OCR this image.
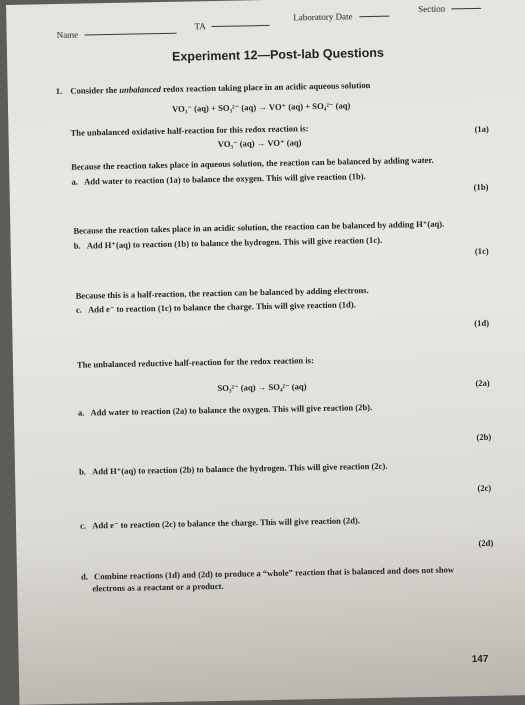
Name
TA
Laboratory Date
Section
Experiment 12—Post-lab Questions
1. Consider the unbalanced redox reaction taking place in an acidic aqueous solution
VO₃⁻ (aq) + SO₃²⁻ (aq) → VO⁺ (aq) + SO₄²⁻ (aq)
The unbalanced oxidative half-reaction for this redox reaction is:
VO₃⁻ (aq) → VO⁺ (aq)
(1a)
Because the reaction takes place in aqueous solution, the reaction can be balanced by adding water.
a. Add water to reaction (1a) to balance the oxygen. This will give reaction (1b).
(1b)
Because the reaction takes place in an acidic solution, the reaction can be balanced by adding H⁺(aq).
b. Add H⁺(aq) to reaction (1b) to balance the hydrogen. This will give reaction (1c).
(1c)
Because this is a half-reaction, the reaction can be balanced by adding electrons.
c. Add e⁻ to reaction (1c) to balance the charge. This will give reaction (1d).
(1d)
The unbalanced reductive half-reaction for the redox reaction is:
SO₃²⁻ (aq) → SO₄²⁻ (aq)	(2a)
a. Add water to reaction (2a) to balance the oxygen. This will give reaction (2b).
(2b)
b. Add H⁺(aq) to reaction (2b) to balance the hydrogen. This will give reaction (2c).
(2c)
c. Add e⁻ to reaction (2c) to balance the charge. This will give reaction (2d).
(2d)
d. Combine reactions (1d) and (2d) to produce a “whole” reaction that is balanced and does not show
electrons as a reactant or a product.
147
